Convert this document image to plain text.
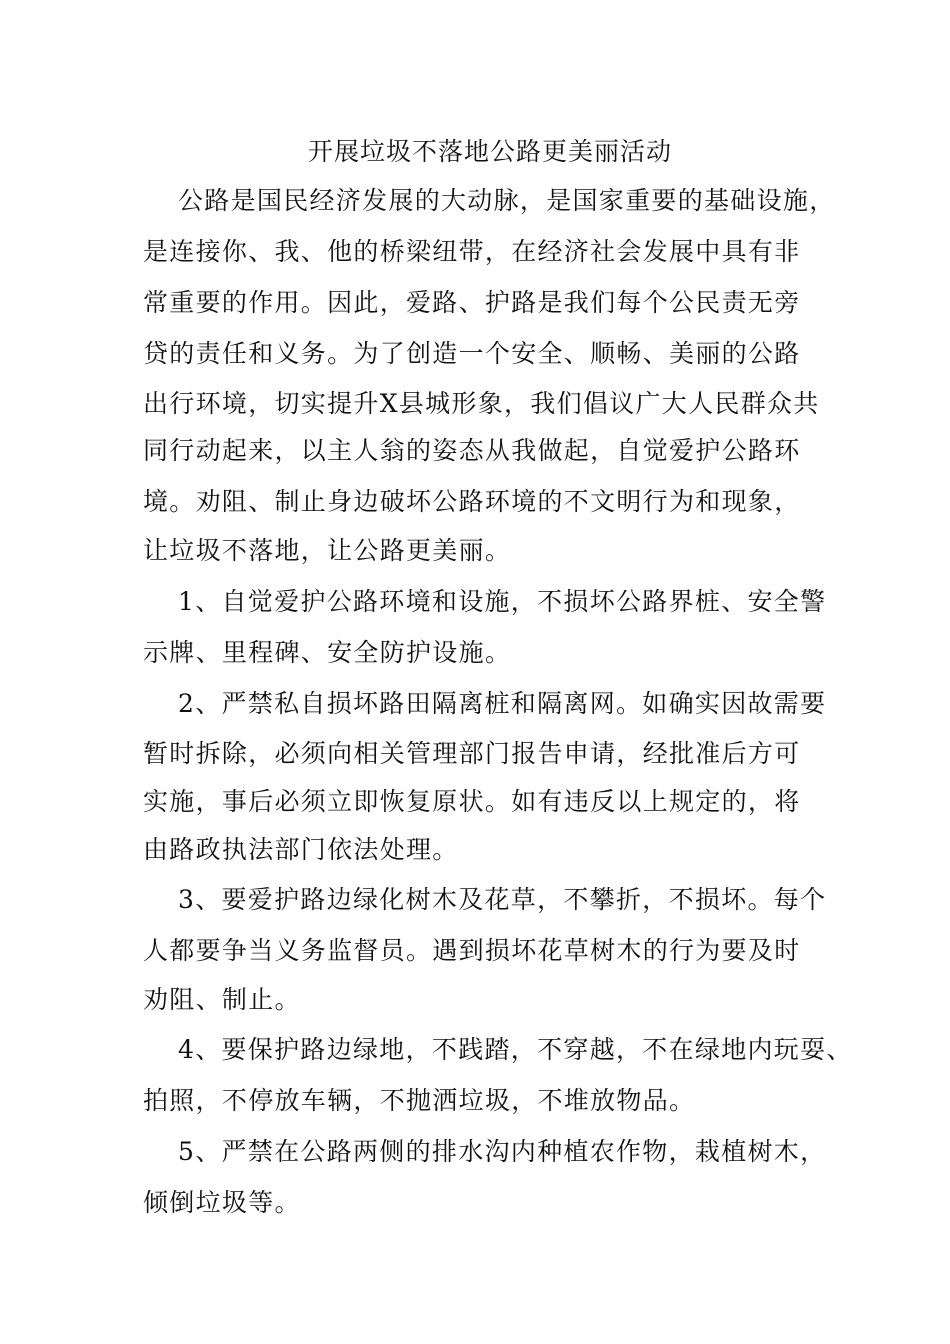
开展垃圾不落地公路更美丽活动
公路是国民经济发展的大动脉，是国家重要的基础设施，
是连接你、我、他的桥梁纽带，在经济社会发展中具有非
常重要的作用。因此，爱路、护路是我们每个公民责无旁
贷的责任和义务。为了创造一个安全、顺畅、美丽的公路
出行环境，切实提升X县城形象，我们倡议广大人民群众共
同行动起来，以主人翁的姿态从我做起，自觉爱护公路环
境。劝阻、制止身边破坏公路环境的不文明行为和现象，
让垃圾不落地，让公路更美丽。
1、自觉爱护公路环境和设施，不损坏公路界桩、安全警
示牌、里程碑、安全防护设施。
2、严禁私自损坏路田隔离桩和隔离网。如确实因故需要
暂时拆除，必须向相关管理部门报告申请，经批准后方可
实施，事后必须立即恢复原状。如有违反以上规定的，将
由路政执法部门依法处理。
3、要爱护路边绿化树木及花草，不攀折，不损坏。每个
人都要争当义务监督员。遇到损坏花草树木的行为要及时
劝阻、制止。
4、要保护路边绿地，不践踏，不穿越，不在绿地内玩耍、
拍照，不停放车辆，不抛洒垃圾，不堆放物品。
5、严禁在公路两侧的排水沟内种植农作物，栽植树木，
倾倒垃圾等。
